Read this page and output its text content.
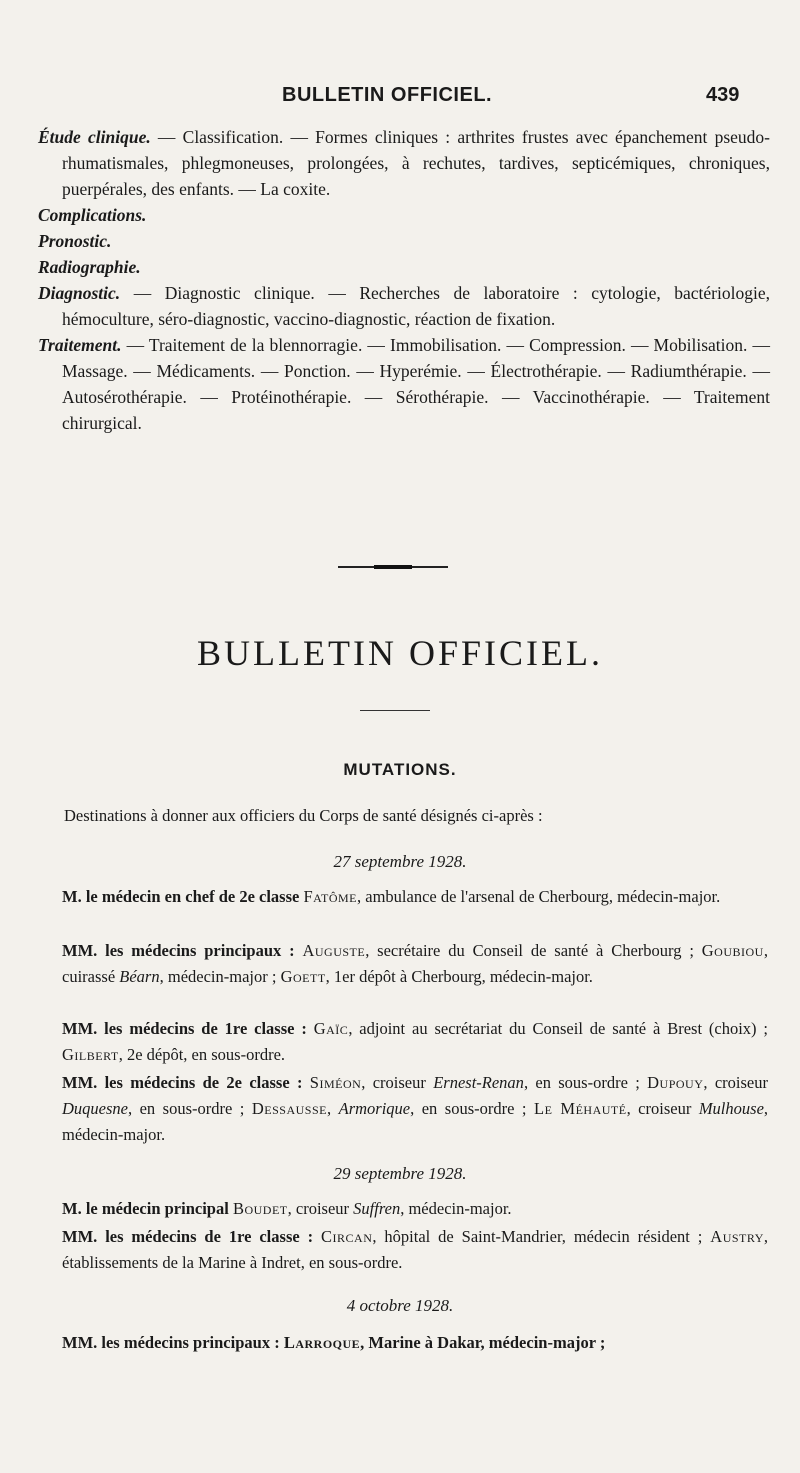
BULLETIN OFFICIEL.	439

Étude clinique. — Classification. — Formes cliniques : arthrites frustes avec épanchement pseudo-rhumatismales, phlegmoneuses, prolongées, à rechutes, tardives, septicémiques, chroniques, puerpérales, des enfants. — La coxite.

Complications.

Pronostic.

Radiographie.

Diagnostic. — Diagnostic clinique. — Recherches de laboratoire : cytologie, bactériologie, hémoculture, séro-diagnostic, vaccino-diagnostic, réaction de fixation.

Traitement. — Traitement de la blennorragie. — Immobilisation. — Compression. — Mobilisation. — Massage. — Médicaments. — Ponction. — Hyperémie. — Électrothérapie. — Radiumthérapie. — Autosérothérapie. — Protéinothérapie. — Sérothérapie. — Vaccinothérapie. — Traitement chirurgical.

BULLETIN OFFICIEL.
MUTATIONS.
Destinations à donner aux officiers du Corps de santé désignés ci-après :
27 septembre 1928.
M. le médecin en chef de 2e classe Fatôme, ambulance de l'arsenal de Cherbourg, médecin-major.
MM. les médecins principaux : Auguste, secrétaire du Conseil de santé à Cherbourg ; Goubiou, cuirassé Béarn, médecin-major ; Goett, 1er dépôt à Cherbourg, médecin-major.
MM. les médecins de 1re classe : Gaïc, adjoint au secrétariat du Conseil de santé à Brest (choix) ; Gilbert, 2e dépôt, en sous-ordre.
MM. les médecins de 2e classe : Siméon, croiseur Ernest-Renan, en sous-ordre ; Dupouy, croiseur Duquesne, en sous-ordre ; Dessausse, Armorique, en sous-ordre ; Le Méhauté, croiseur Mulhouse, médecin-major.
29 septembre 1928.
M. le médecin principal Boudet, croiseur Suffren, médecin-major.
MM. les médecins de 1re classe : Circan, hôpital de Saint-Mandrier, médecin résident ; Austry, établissements de la Marine à Indret, en sous-ordre.
4 octobre 1928.
MM. les médecins principaux : Larroque, Marine à Dakar, médecin-major ;
